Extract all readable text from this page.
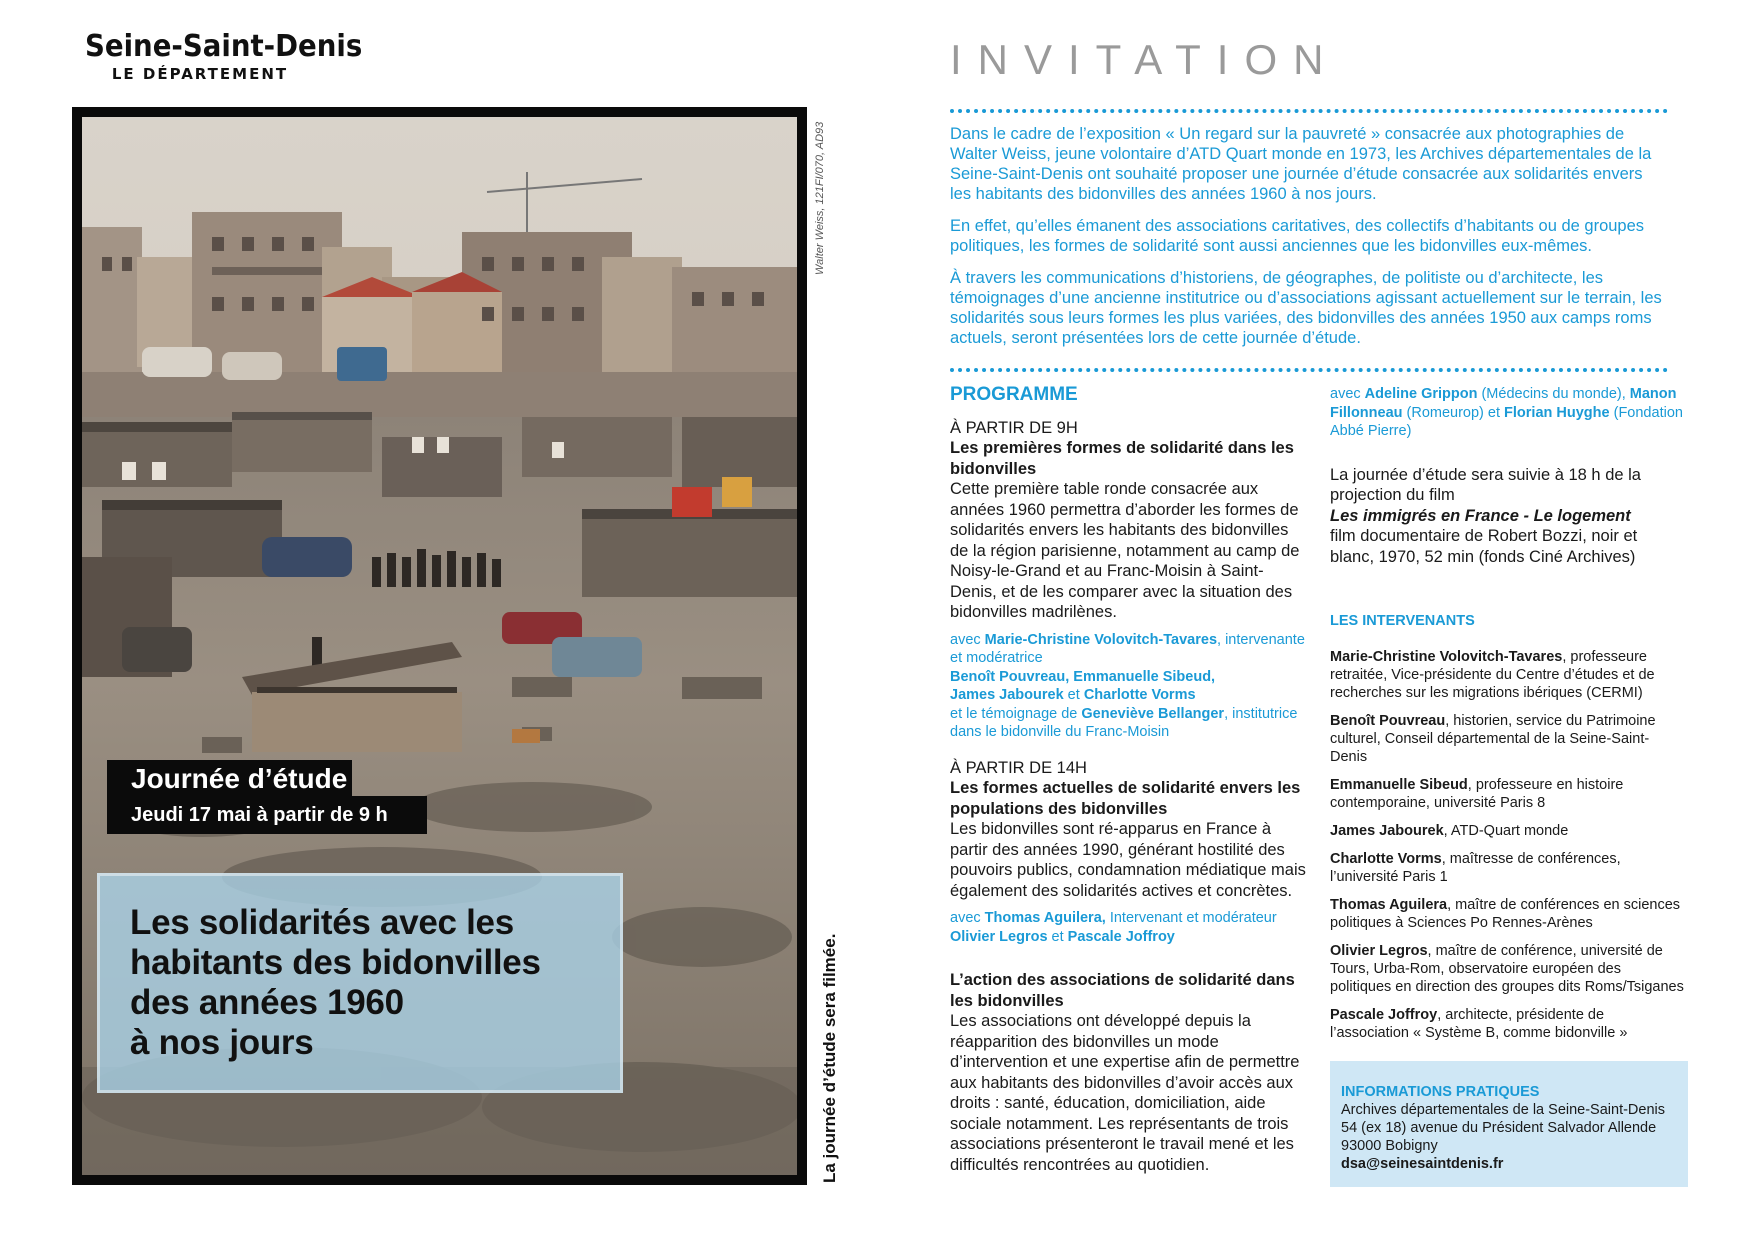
Seine-Saint-Denis
LE DÉPARTEMENT
Walter Weiss, 121FI/070, AD93
La journée d’étude sera filmée.
Journée d’étude
Jeudi 17 mai à partir de 9 h
Les solidarités avec les
habitants des bidonvilles
des années 1960
à nos jours
INVITATION

Dans le cadre de l’exposition « Un regard sur la pauvreté » consacrée aux photographies de Walter Weiss, jeune volontaire d’ATD Quart monde en 1973, les Archives départementales de la Seine-Saint-Denis ont souhaité proposer une journée d’étude consacrée aux solidarités envers les habitants des bidonvilles des années 1960 à nos jours.

En effet, qu’elles émanent des associations caritatives, des collectifs d’habitants ou de groupes politiques, les formes de solidarité sont aussi anciennes que les bidonvilles eux-mêmes.

À travers les communications d’historiens, de géographes, de politiste ou d’architecte, les témoignages d’une ancienne institutrice ou d’associations agissant actuellement sur le terrain, les solidarités sous leurs formes les plus variées, des bidonvilles des années 1950 aux camps roms actuels, seront présentées lors de cette journée d’étude.

PROGRAMME
À PARTIR DE 9H
Les premières formes de solidarité dans les bidonvilles
Cette première table ronde consacrée aux années 1960 permettra d’aborder les formes de solidarités envers les habitants des bidonvilles de la région parisienne, notamment au camp de Noisy-le-Grand et au Franc-Moisin à Saint-Denis, et de les comparer avec la situation des bidonvilles madrilènes.
avec Marie-Christine Volovitch-Tavares, intervenante et modératrice
Benoît Pouvreau, Emmanuelle Sibeud,
James Jabourek et Charlotte Vorms
et le témoignage de Geneviève Bellanger, institutrice dans le bidonville du Franc-Moisin
À PARTIR DE 14H
Les formes actuelles de solidarité envers les populations des bidonvilles
Les bidonvilles sont ré-apparus en France à partir des années 1990, générant hostilité des pouvoirs publics, condamnation médiatique mais également des solidarités actives et concrètes.
avec Thomas Aguilera, Intervenant et modérateur
Olivier Legros et Pascale Joffroy
L’action des associations de solidarité dans les bidonvilles
Les associations ont développé depuis la réapparition des bidonvilles un mode d’intervention et une expertise afin de permettre aux habitants des bidonvilles d’avoir accès aux droits : santé, éducation, domiciliation, aide sociale notamment. Les représentants de trois associations présenteront le travail mené et les difficultés rencontrées au quotidien.
avec Adeline Grippon (Médecins du monde), Manon Fillonneau (Romeurop) et Florian Huyghe (Fondation Abbé Pierre)
La journée d’étude sera suivie à 18 h de la projection du film
Les immigrés en France - Le logement
film documentaire de Robert Bozzi, noir et blanc, 1970, 52 min (fonds Ciné Archives)
LES INTERVENANTS
Marie-Christine Volovitch-Tavares, professeure retraitée, Vice-présidente du Centre d’études et de recherches sur les migrations ibériques (CERMI)
Benoît Pouvreau, historien, service du Patrimoine culturel, Conseil départemental de la Seine-Saint-Denis
Emmanuelle Sibeud, professeure en histoire contemporaine, université Paris 8
James Jabourek, ATD-Quart monde
Charlotte Vorms, maîtresse de conférences, l’université Paris 1
Thomas Aguilera, maître de conférences en sciences politiques à Sciences Po Rennes-Arènes
Olivier Legros, maître de conférence, université de Tours, Urba-Rom, observatoire européen des politiques en direction des groupes dits Roms/Tsiganes
Pascale Joffroy, architecte, présidente de l’association « Système B, comme bidonville »
INFORMATIONS PRATIQUES
Archives départementales de la Seine-Saint-Denis
54 (ex 18) avenue du Président Salvador Allende
93000 Bobigny
dsa@seinesaintdenis.fr
